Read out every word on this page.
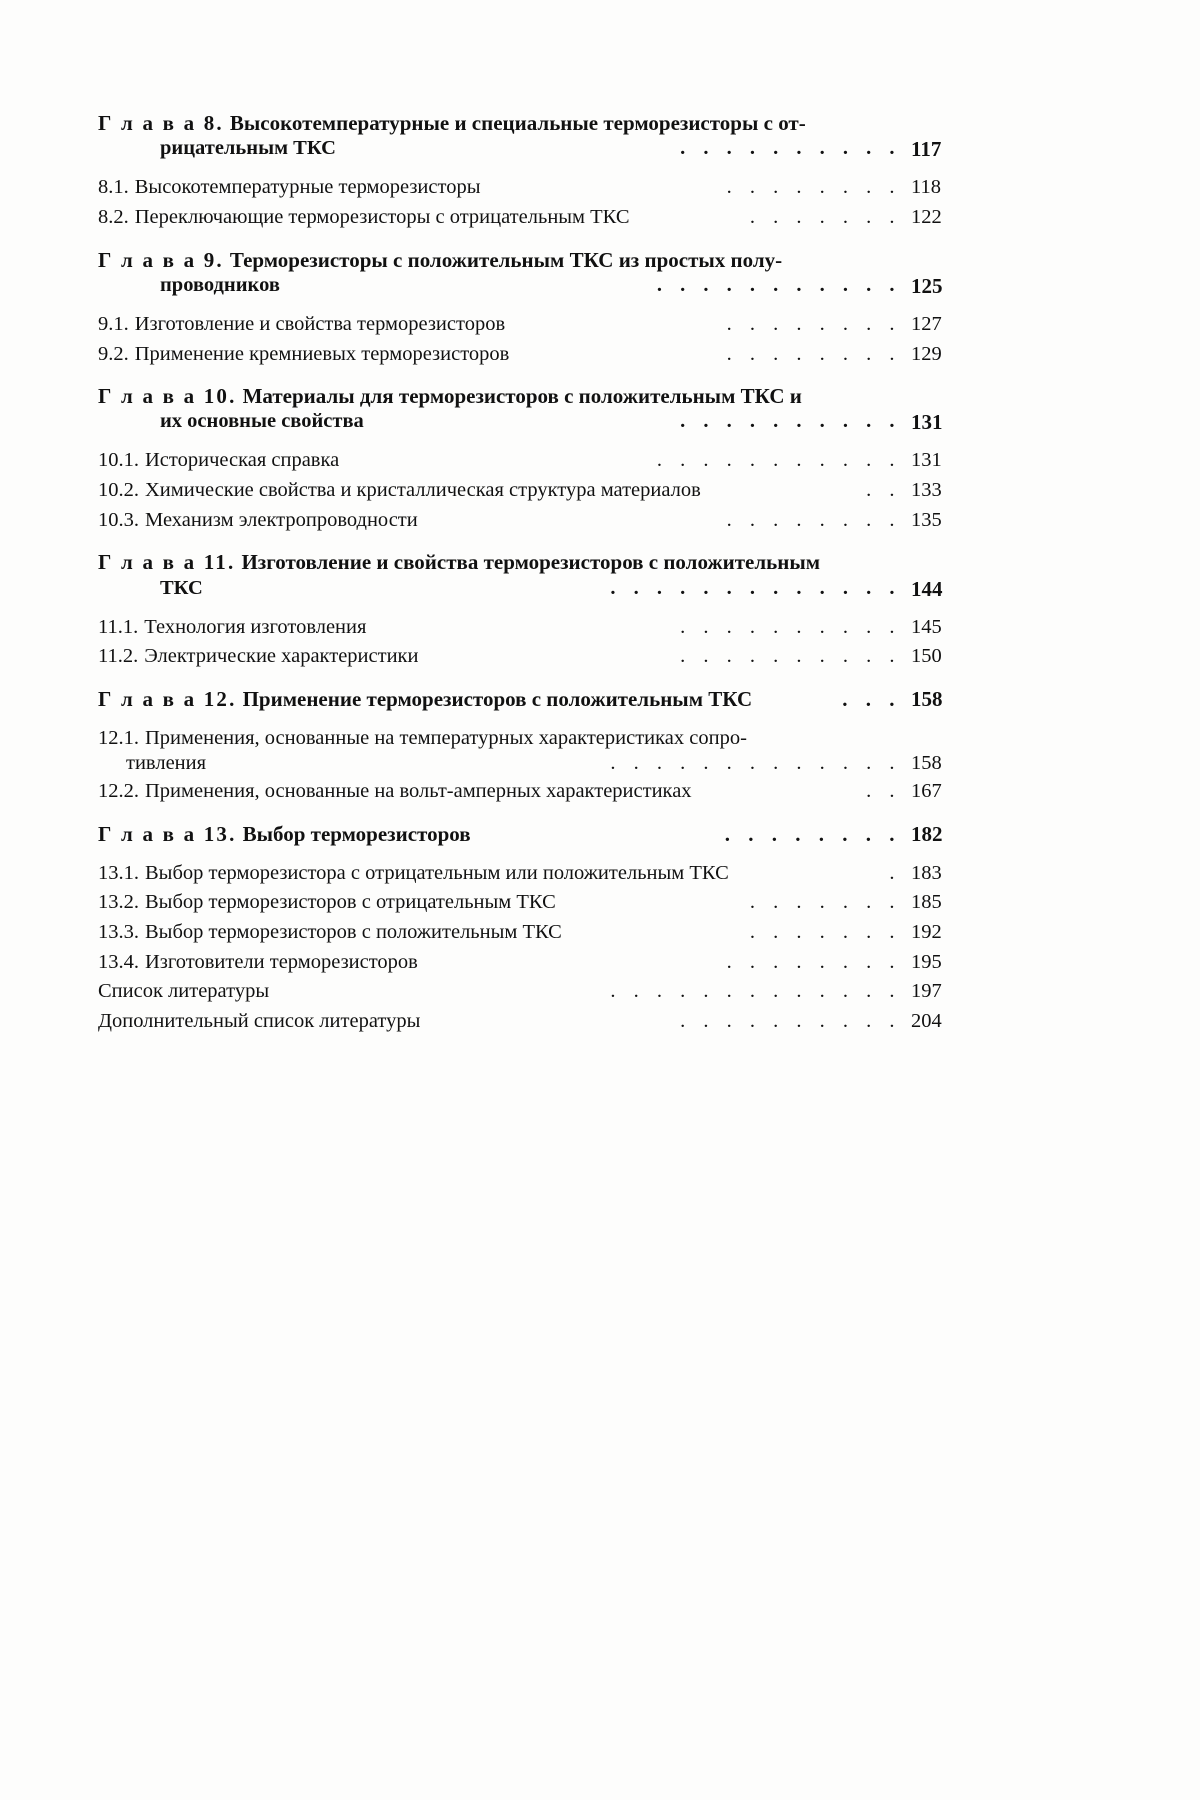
Г л а в а 8. Высокотемпературные и специальные терморезисторы с от-

рицательным ТКС	. . . . . . . . . . 117
8.1. Высокотемпературные терморезисторы	. . . . . . . . 118
8.2. Переключающие терморезисторы с отрицательным ТКС	. . . . . . . 122
Г л а в а 9. Терморезисторы с положительным ТКС из простых полу-

проводников	. . . . . . . . . . . 125
9.1. Изготовление и свойства терморезисторов	. . . . . . . . 127
9.2. Применение кремниевых терморезисторов	. . . . . . . . 129
Г л а в а 10. Материалы для терморезисторов с положительным ТКС и

их основные свойства	. . . . . . . . . . 131
10.1. Историческая справка	. . . . . . . . . . . 131
10.2. Химические свойства и кристаллическая структура материалов	. . 133
10.3. Механизм электропроводности	. . . . . . . . 135
Г л а в а 11. Изготовление и свойства терморезисторов с положительным

ТКС	. . . . . . . . . . . . . 144
11.1. Технология изготовления	. . . . . . . . . . 145
11.2. Электрические характеристики	. . . . . . . . . . 150
Г л а в а 12. Применение терморезисторов с положительным ТКС	. . . 158
12.1. Применения, основанные на температурных характеристиках сопро-

тивления	. . . . . . . . . . . . . 158
12.2. Применения, основанные на вольт-амперных характеристиках	. . 167
Г л а в а 13. Выбор терморезисторов	. . . . . . . . 182
13.1. Выбор терморезистора с отрицательным или положительным ТКС	. 183
13.2. Выбор терморезисторов с отрицательным ТКС	. . . . . . . 185
13.3. Выбор терморезисторов с положительным ТКС	. . . . . . . 192
13.4. Изготовители терморезисторов	. . . . . . . . 195
Список литературы	. . . . . . . . . . . . . 197
Дополнительный список литературы	. . . . . . . . . . 204
